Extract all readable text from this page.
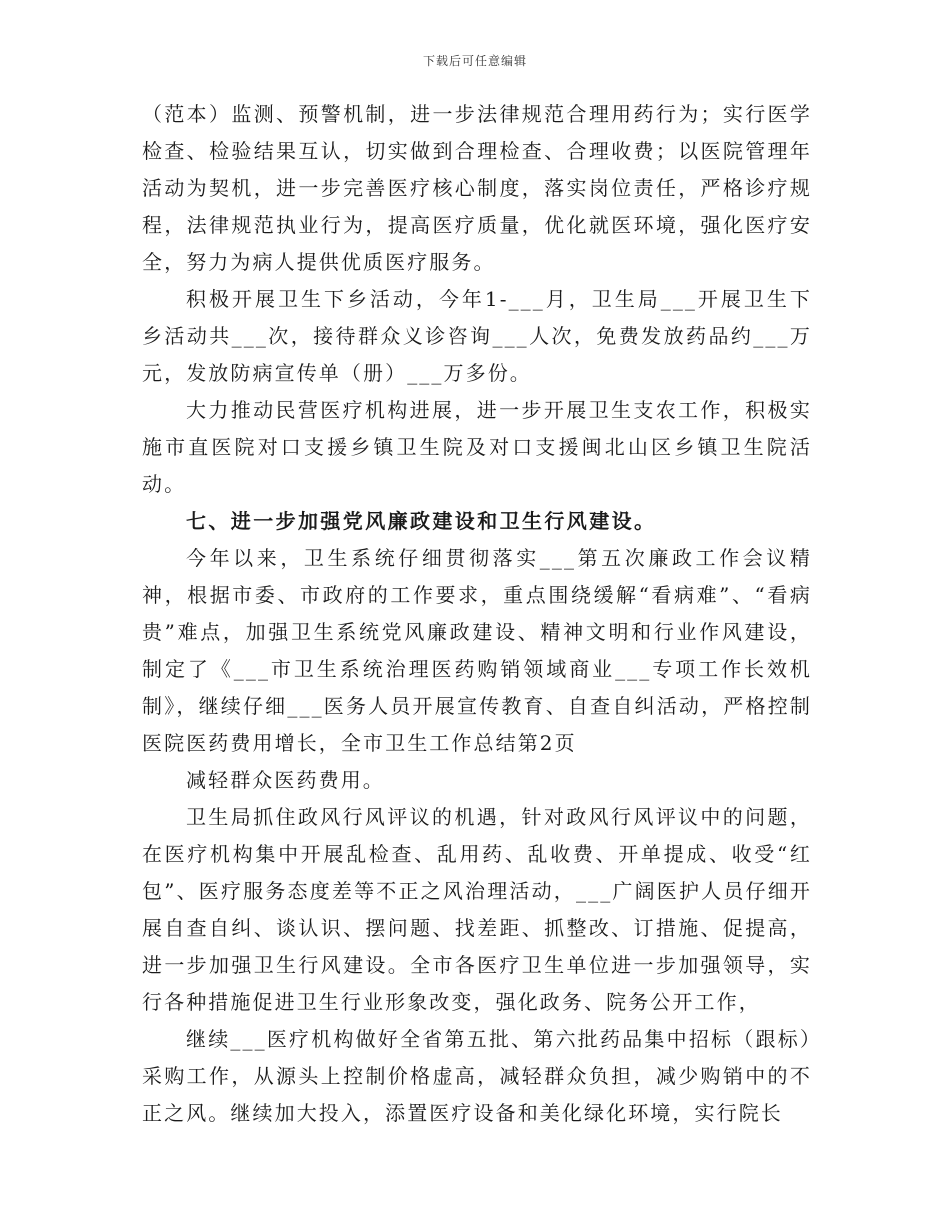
下载后可任意编辑

（范本）监测、预警机制，进一步法律规范合理用药行为；实行医学检查、检验结果互认，切实做到合理检查、合理收费；以医院管理年活动为契机，进一步完善医疗核心制度，落实岗位责任，严格诊疗规程，法律规范执业行为，提高医疗质量，优化就医环境，强化医疗安全，努力为病人提供优质医疗服务。

积极开展卫生下乡活动，今年1-___月，卫生局___开展卫生下乡活动共___次，接待群众义诊咨询___人次，免费发放药品约___万元，发放防病宣传单（册）___万多份。

大力推动民营医疗机构进展，进一步开展卫生支农工作，积极实施市直医院对口支援乡镇卫生院及对口支援闽北山区乡镇卫生院活动。

七、进一步加强党风廉政建设和卫生行风建设。

今年以来，卫生系统仔细贯彻落实___第五次廉政工作会议精神，根据市委、市政府的工作要求，重点围绕缓解“看病难”、“看病贵”难点，加强卫生系统党风廉政建设、精神文明和行业作风建设，制定了《___市卫生系统治理医药购销领域商业___专项工作长效机制》，继续仔细___医务人员开展宣传教育、自查自纠活动，严格控制医院医药费用增长，全市卫生工作总结第2页

减轻群众医药费用。

卫生局抓住政风行风评议的机遇，针对政风行风评议中的问题，在医疗机构集中开展乱检查、乱用药、乱收费、开单提成、收受“红包”、医疗服务态度差等不正之风治理活动，___广阔医护人员仔细开展自查自纠、谈认识、摆问题、找差距、抓整改、订措施、促提高，进一步加强卫生行风建设。全市各医疗卫生单位进一步加强领导，实行各种措施促进卫生行业形象改变，强化政务、院务公开工作，

继续___医疗机构做好全省第五批、第六批药品集中招标（跟标）采购工作，从源头上控制价格虚高，减轻群众负担，减少购销中的不正之风。继续加大投入，添置医疗设备和美化绿化环境，实行院长
